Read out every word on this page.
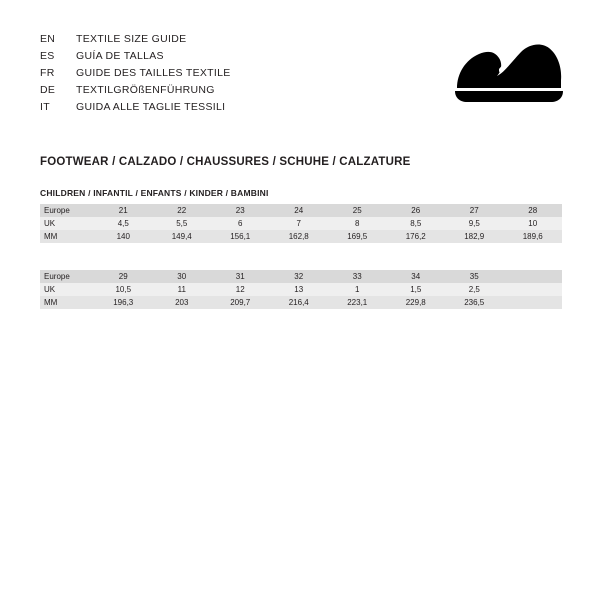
EN	TEXTILE SIZE GUIDE
ES	GUÍA DE TALLAS
FR	GUIDE DES TAILLES TEXTILE
DE	TEXTILGRÖßENFÜHRUNG
IT	GUIDA ALLE TAGLIE TESSILI
FOOTWEAR / CALZADO / CHAUSSURES / SCHUHE / CALZATURE
CHILDREN / INFANTIL / ENFANTS / KINDER / BAMBINI
Europe	21	22	23	24	25	26	27	28
UK	4,5	5,5	6	7	8	8,5	9,5	10
MM	140	149,4	156,1	162,8	169,5	176,2	182,9	189,6
Europe	29	30	31	32	33	34	35	
UK	10,5	11	12	13	1	1,5	2,5	
MM	196,3	203	209,7	216,4	223,1	229,8	236,5	
